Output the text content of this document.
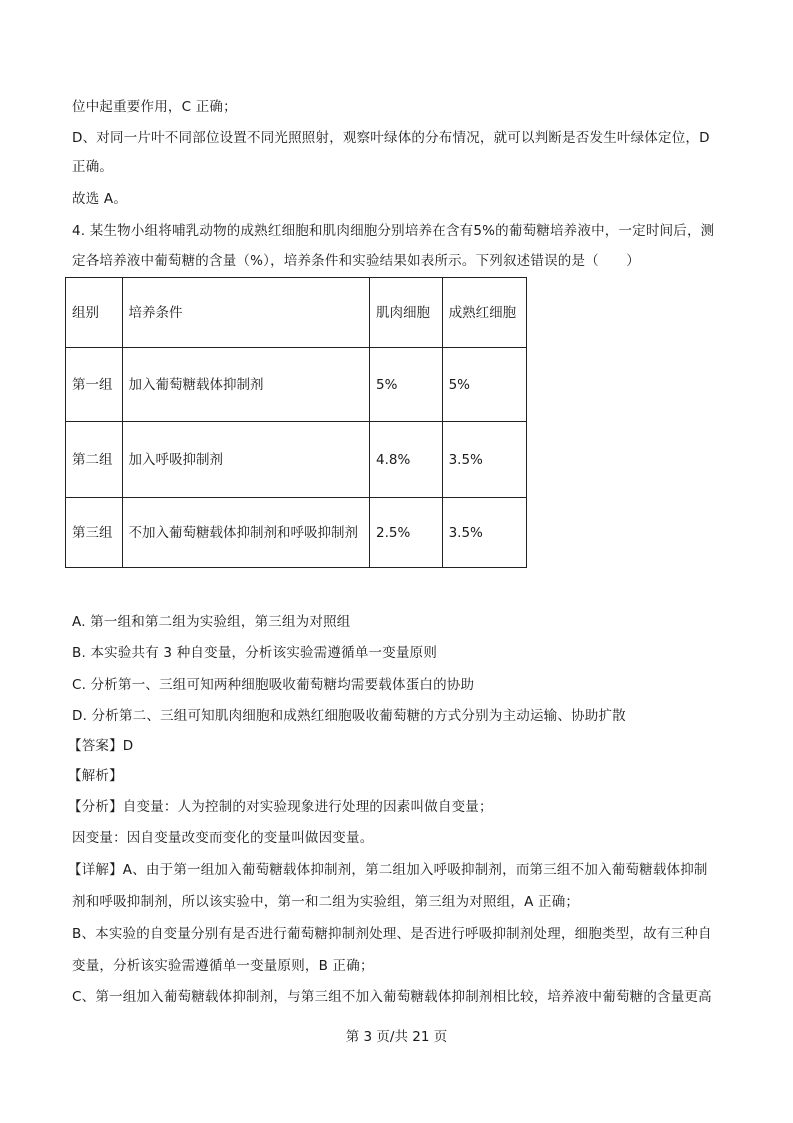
位中起重要作用，C 正确；
D、对同一片叶不同部位设置不同光照照射，观察叶绿体的分布情况，就可以判断是否发生叶绿体定位，D
正确。
故选 A。
4. 某生物小组将哺乳动物的成熟红细胞和肌肉细胞分别培养在含有5%的葡萄糖培养液中，一定时间后，测
定各培养液中葡萄糖的含量（%），培养条件和实验结果如表所示。下列叙述错误的是（　　）
组别	培养条件	肌肉细胞	成熟红细胞
第一组	加入葡萄糖载体抑制剂	5%	5%
第二组	加入呼吸抑制剂	4.8%	3.5%
第三组	不加入葡萄糖载体抑制剂和呼吸抑制剂	2.5%	3.5%
A. 第一组和第二组为实验组，第三组为对照组
B. 本实验共有 3 种自变量，分析该实验需遵循单一变量原则
C. 分析第一、三组可知两种细胞吸收葡萄糖均需要载体蛋白的协助
D. 分析第二、三组可知肌肉细胞和成熟红细胞吸收葡萄糖的方式分别为主动运输、协助扩散
【答案】D
【解析】
【分析】自变量：人为控制的对实验现象进行处理的因素叫做自变量；
因变量：因自变量改变而变化的变量叫做因变量。
【详解】A、由于第一组加入葡萄糖载体抑制剂，第二组加入呼吸抑制剂，而第三组不加入葡萄糖载体抑制
剂和呼吸抑制剂，所以该实验中，第一和二组为实验组，第三组为对照组，A 正确；
B、本实验的自变量分别有是否进行葡萄糖抑制剂处理、是否进行呼吸抑制剂处理，细胞类型，故有三种自
变量，分析该实验需遵循单一变量原则，B 正确；
C、第一组加入葡萄糖载体抑制剂，与第三组不加入葡萄糖载体抑制剂相比较，培养液中葡萄糖的含量更高
第 3 页/共 21 页
